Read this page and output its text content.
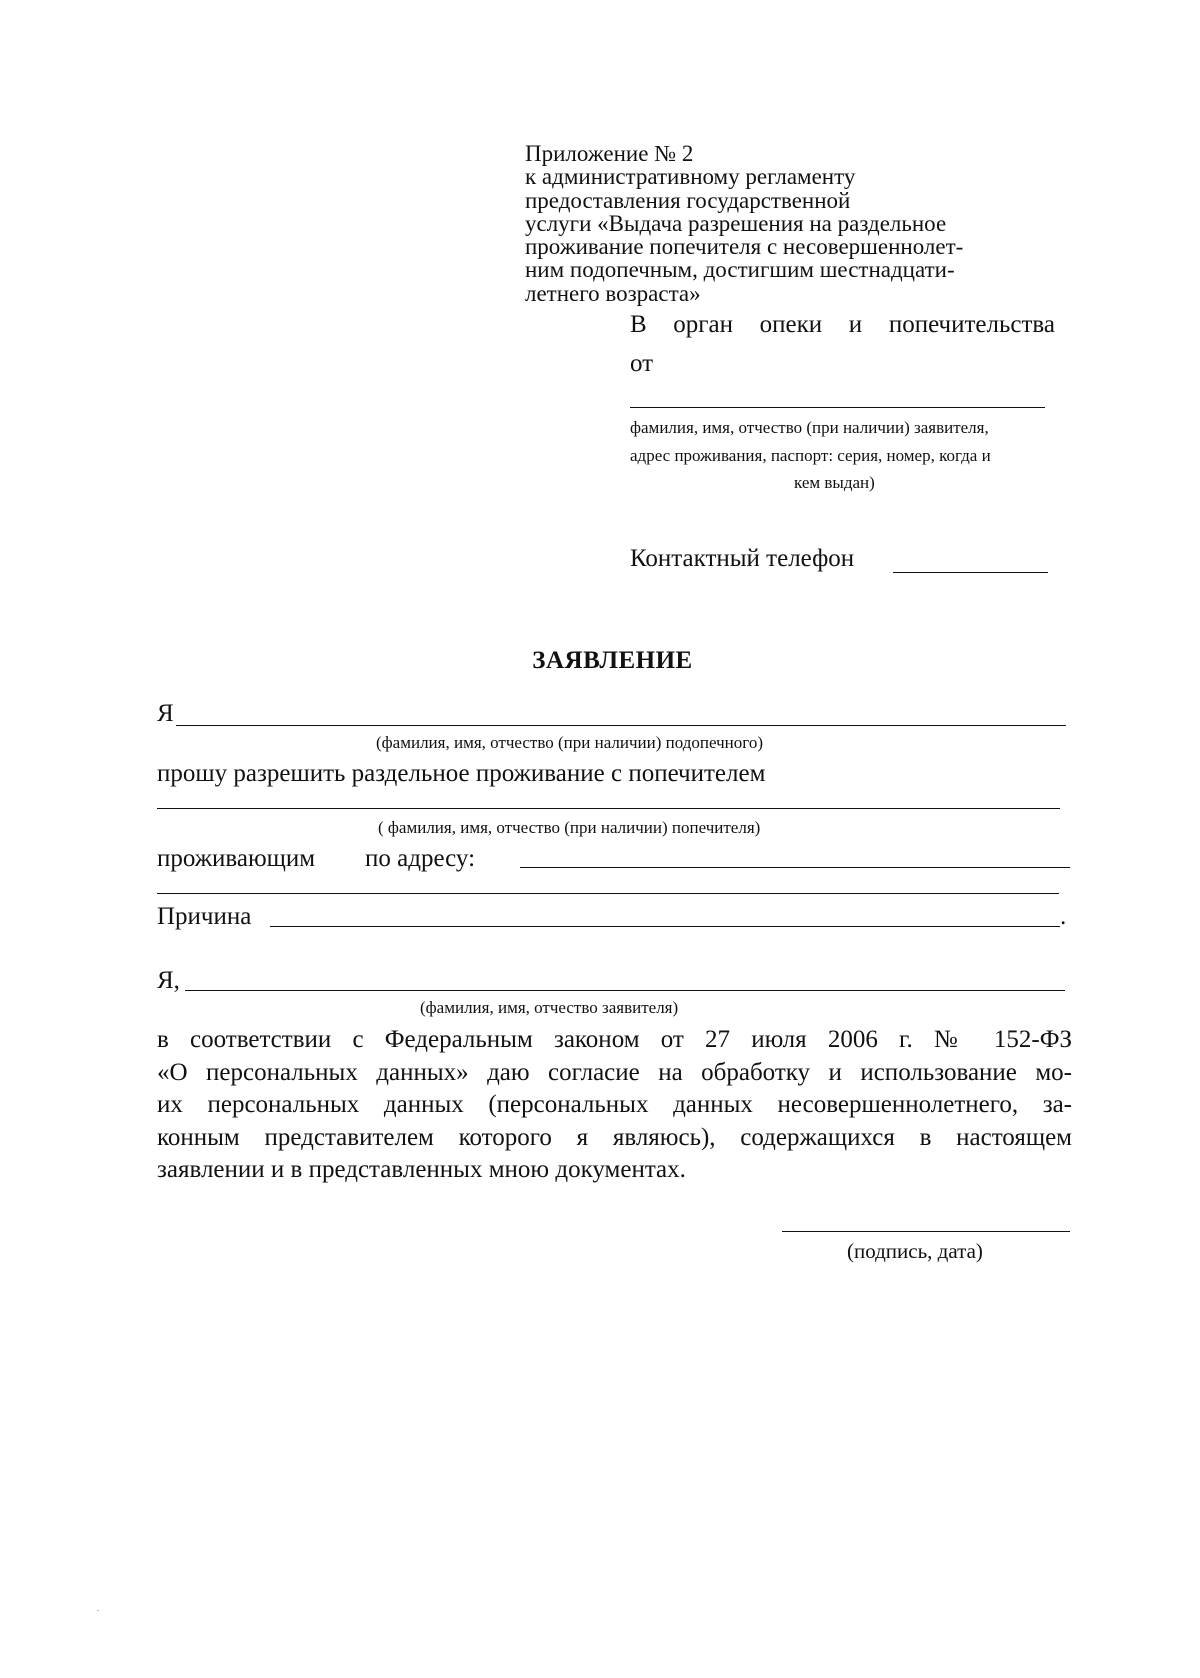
Приложение № 2
к административному регламенту
предоставления государственной
услуги «Выдача разрешения на раздельное
проживание попечителя с несовершеннолет-
ним подопечным, достигшим шестнадцати-
летнего возраста»
В орган опеки и попечительства
от
фамилия, имя, отчество (при наличии) заявителя,
адрес проживания, паспорт: серия, номер, когда и
кем выдан)
Контактный телефон
ЗАЯВЛЕНИЕ
Я
(фамилия, имя, отчество (при наличии) подопечного)
прошу разрешить раздельное проживание с попечителем
( фамилия, имя, отчество (при наличии) попечителя)
проживающим по адресу:
Причина	.
Я,
(фамилия, имя, отчество заявителя)
в соответствии с Федеральным законом от 27 июля 2006 г. № 152-ФЗ
«О персональных данных» даю согласие на обработку и использование мо-
их персональных данных (персональных данных несовершеннолетнего, за-
конным представителем которого я являюсь), содержащихся в настоящем
заявлении и в представленных мною документах.
(подпись, дата)
